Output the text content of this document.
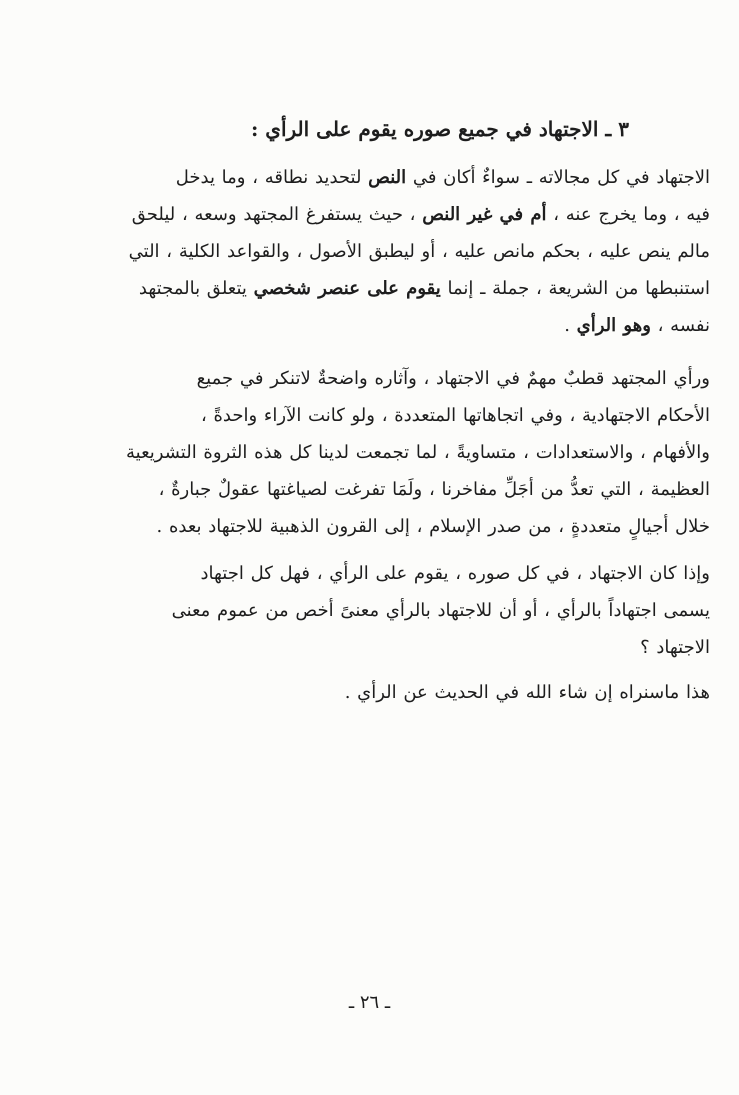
٣ ـ الاجتهاد في جميع صوره يقوم على الرأي :
الاجتهاد في كل مجالاته ـ سواءٌ أكان في النص لتحديد نطاقه ، وما يدخل
فيه ، وما يخرج عنه ، أم في غير النص ، حيث يستفرغ المجتهد وسعه ، ليلحق
مالم ينص عليه ، بحكم مانص عليه ، أو ليطبق الأصول ، والقواعد الكلية ، التي
استنبطها من الشريعة ، جملة ـ إنما يقوم على عنصر شخصي يتعلق بالمجتهد
نفسه ، وهو الرأي .
ورأي المجتهد قطبٌ مهمٌ في الاجتهاد ، وآثاره واضحةٌ لاتنكر في جميع
الأحكام الاجتهادية ، وفي اتجاهاتها المتعددة ، ولو كانت الآراء واحدةً ،
والأفهام ، والاستعدادات ، متساويةً ، لما تجمعت لدينا كل هذه الثروة التشريعية
العظيمة ، التي تعدُّ من أجَلِّ مفاخرنا ، ولَمَا تفرغت لصياغتها عقولٌ جبارةٌ ،
خلال أجيالٍ متعددةٍ ، من صدر الإسلام ، إلى القرون الذهبية للاجتهاد بعده .
وإذا كان الاجتهاد ، في كل صوره ، يقوم على الرأي ، فهل كل اجتهاد
يسمى اجتهاداً بالرأي ، أو أن للاجتهاد بالرأي معنىً أخص من عموم معنى
الاجتهاد ؟
هذا ماسنراه إن شاء الله في الحديث عن الرأي .
ـ ٢٦ ـ
